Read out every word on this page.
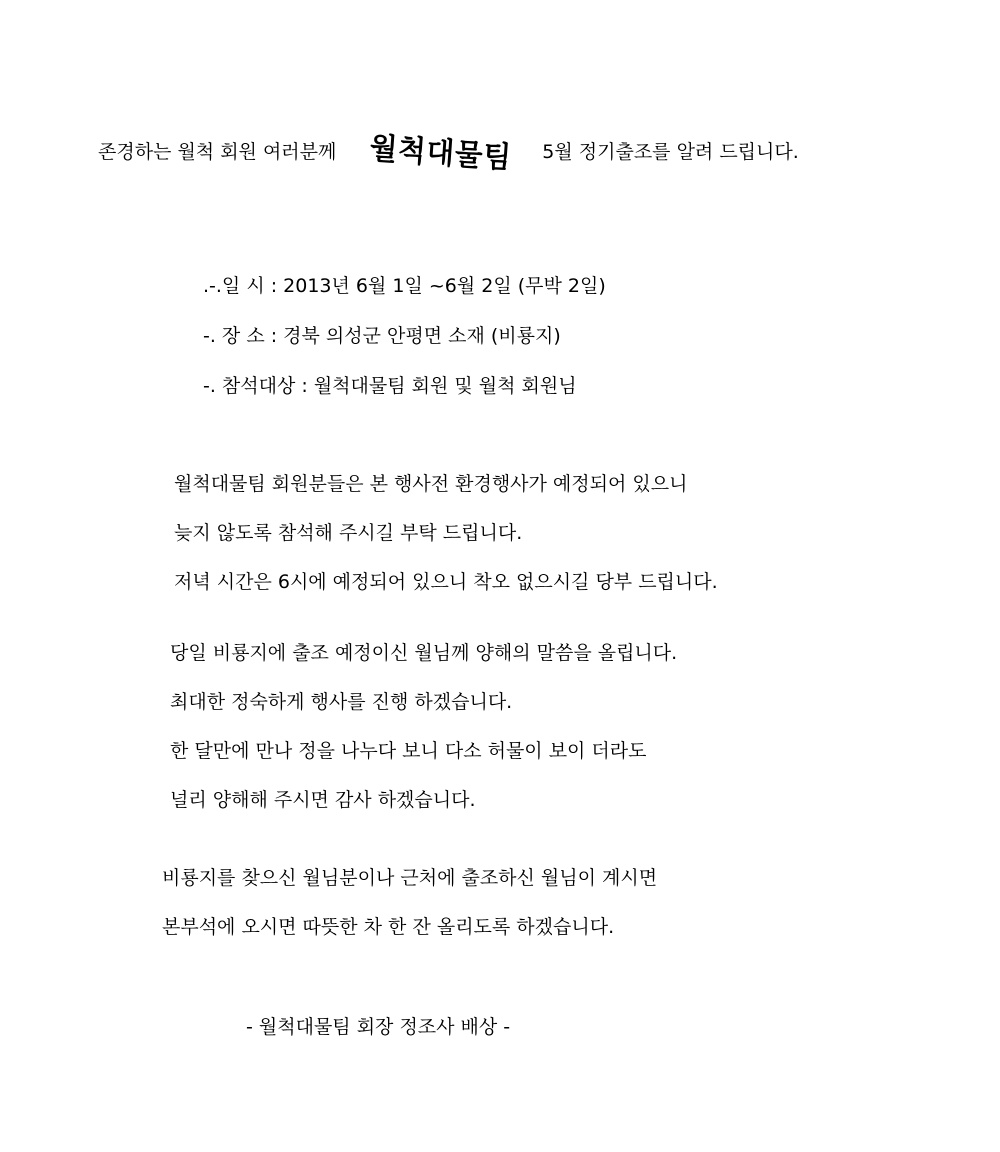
존경하는 월척 회원 여러분께 월척대물팀 5월 정기출조를 알려 드립니다.
.-.일 시 : 2013년 6월 1일 ~6월 2일 (무박 2일)
-. 장 소 : 경북 의성군 안평면 소재 (비룡지)
-. 참석대상 : 월척대물팀 회원 및 월척 회원님
월척대물팀 회원분들은 본 행사전 환경행사가 예정되어 있으니
늦지 않도록 참석해 주시길 부탁 드립니다.
저녁 시간은 6시에 예정되어 있으니 착오 없으시길 당부 드립니다.
당일 비룡지에 출조 예정이신 월님께 양해의 말씀을 올립니다.
최대한 정숙하게 행사를 진행 하겠습니다.
한 달만에 만나 정을 나누다 보니 다소 허물이 보이 더라도
널리 양해해 주시면 감사 하겠습니다.
비룡지를 찾으신 월님분이나 근처에 출조하신 월님이 계시면
본부석에 오시면 따뜻한 차 한 잔 올리도록 하겠습니다.
- 월척대물팀 회장 정조사 배상 -
